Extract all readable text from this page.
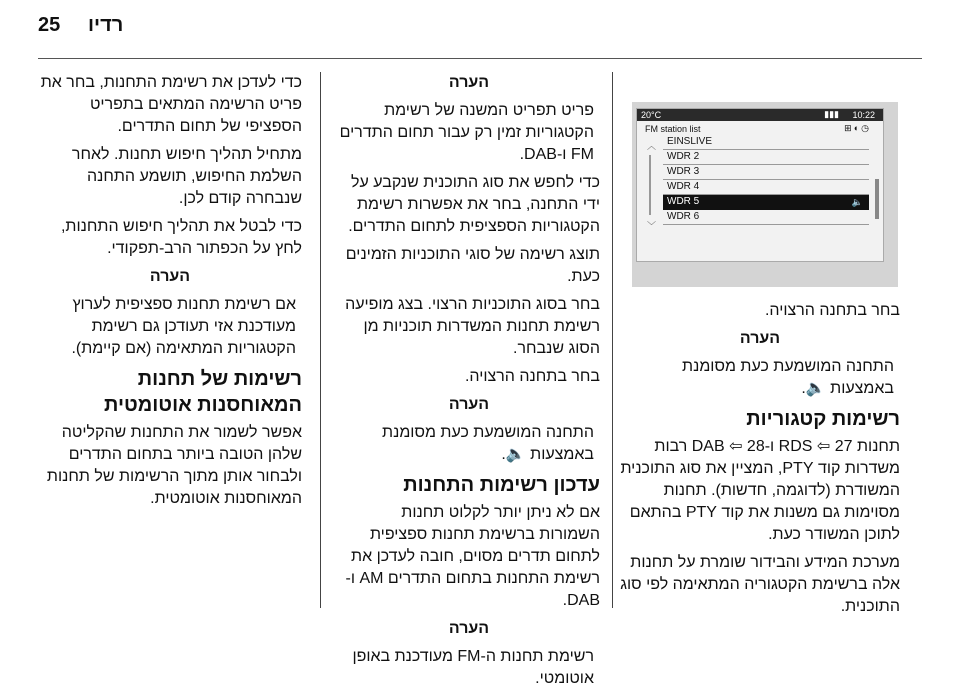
25 רדיו
20°C	▮▮▮ 10:22
FM station list	⊞◐◷
︿
﹀
EINSLIVE
WDR 2
WDR 3
WDR 4
WDR 5	🔈
WDR 6

בחר בתחנה הרצויה.

הערה

התחנה המושמעת כעת מסומנת באמצעות 🔈.

רשימות קטגוריות

תחנות RDS ⇦ 27 ו-DAB ⇦ 28 רבות משדרות קוד PTY, המציין את סוג התוכנית המשודרת (לדוגמה, חדשות). תחנות מסוימות גם משנות את קוד PTY בהתאם לתוכן המשודר כעת.

מערכת המידע והבידור שומרת על תחנות אלה ברשימת הקטגוריה המתאימה לפי סוג התוכנית.

הערה

פריט תפריט המשנה של רשימת הקטגוריות זמין רק עבור תחום התדרים FM ו-DAB.

כדי לחפש את סוג התוכנית שנקבע על ידי התחנה, בחר את אפשרות רשימת הקטגוריות הספציפית לתחום התדרים.

תוצג רשימה של סוגי התוכניות הזמינים כעת.

בחר בסוג התוכניות הרצוי. בצג מופיעה רשימת תחנות המשדרות תוכניות מן הסוג שנבחר.

בחר בתחנה הרצויה.

הערה

התחנה המושמעת כעת מסומנת באמצעות 🔈.

עדכון רשימות התחנות

אם לא ניתן יותר לקלוט תחנות השמורות ברשימת תחנות ספציפית לתחום תדרים מסוים, חובה לעדכן את רשימת התחנות בתחום התדרים AM ו-DAB.

הערה

רשימת תחנות ה-FM מעודכנת באופן אוטומטי.

כדי לעדכן את רשימת התחנות, בחר את פריט הרשימה המתאים בתפריט הספציפי של תחום התדרים.

מתחיל תהליך חיפוש תחנות. לאחר השלמת החיפוש, תושמע התחנה שנבחרה קודם לכן.

כדי לבטל את תהליך חיפוש התחנות, לחץ על הכפתור הרב-תפקודי.

הערה

אם רשימת תחנות ספציפית לערוץ מעודכנת אזי תעודכן גם רשימת הקטגוריות המתאימה (אם קיימת).

רשימות של תחנות המאוחסנות אוטומטית

אפשר לשמור את התחנות שהקליטה שלהן הטובה ביותר בתחום התדרים ולבחור אותן מתוך הרשימות של תחנות המאוחסנות אוטומטית.
